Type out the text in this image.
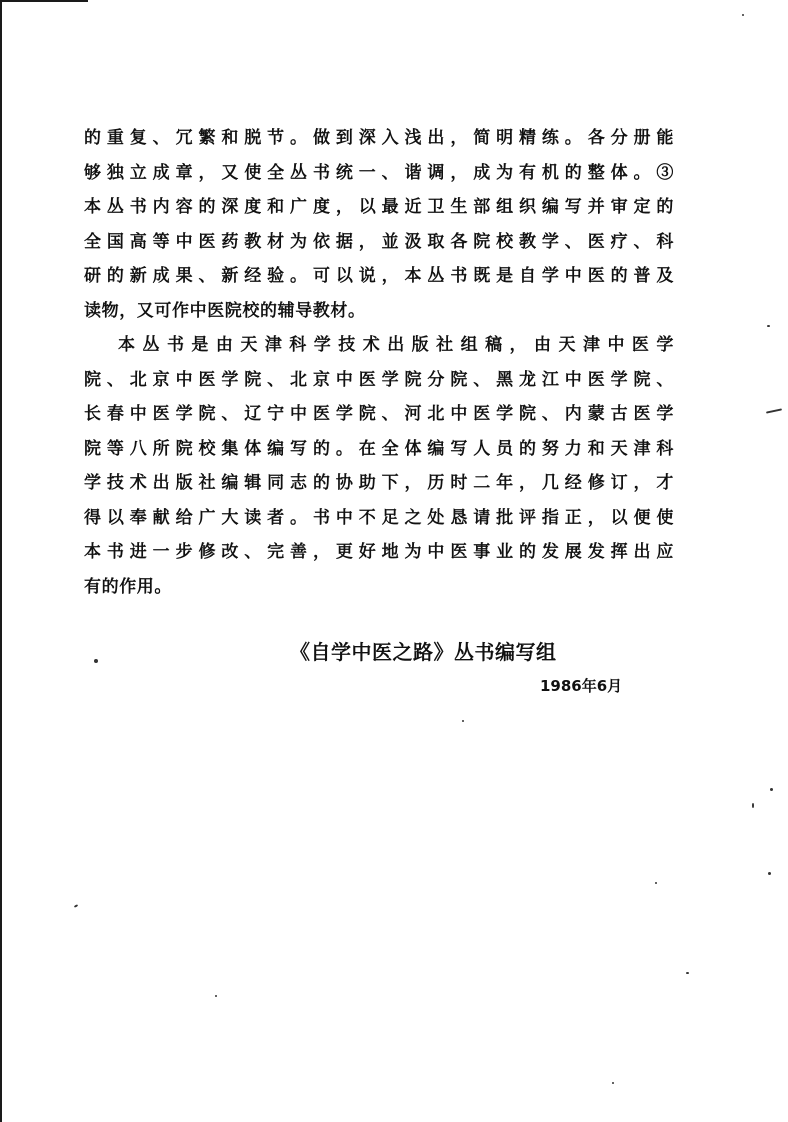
的重复、冗繁和脱节。做到深入浅出，简明精练。各分册能
够独立成章，又使全丛书统一、谐调，成为有机的整体。③
本丛书内容的深度和广度，以最近卫生部组织编写并审定的
全国高等中医药教材为依据，並汲取各院校教学、医疗、科
研的新成果、新经验。可以说，本丛书既是自学中医的普及
读物，又可作中医院校的辅导教材。
本丛书是由天津科学技术出版社组稿，由天津中医学
院、北京中医学院、北京中医学院分院、黑龙江中医学院、
长春中医学院、辽宁中医学院、河北中医学院、内蒙古医学
院等八所院校集体编写的。在全体编写人员的努力和天津科
学技术出版社编辑同志的协助下，历时二年，几经修订，才
得以奉献给广大读者。书中不足之处恳请批评指正，以便使
本书进一步修改、完善，更好地为中医事业的发展发挥出应
有的作用。
《自学中医之路》丛书编写组
1986年6月
